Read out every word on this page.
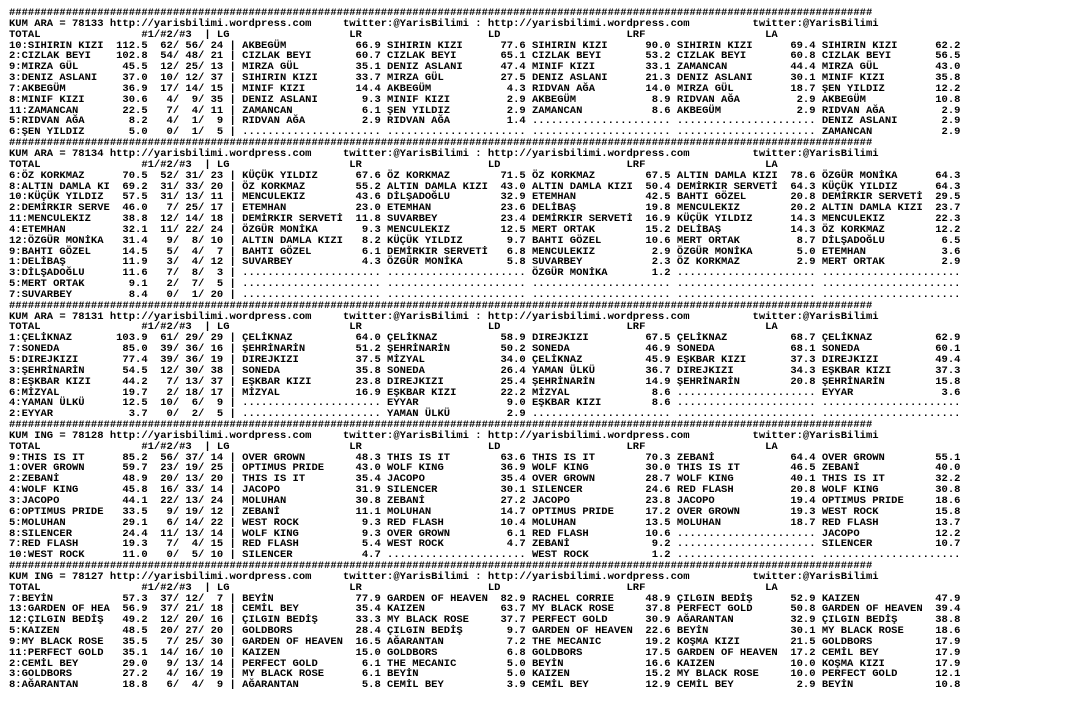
#########################################################################################################################################
KUM ARA = 78133 http://yarisbilimi.wordpress.com     twitter:@YarisBilimi : http://yarisbilimi.wordpress.com          twitter:@YarisBilimi
TOTAL                #1/#2/#3  | LG                   LR                    LD                    LRF                   LA
10:SIHIRIN KIZI  112.5  62/ 56/ 24 | AKBEGÜM           66.9 SIHIRIN KIZI      77.6 SIHIRIN KIZI      90.0 SIHIRIN KIZI      69.4 SIHIRIN KIZI      62.2
2:CIZLAK BEYI    102.8  54/ 48/ 21 | CIZLAK BEYI       60.7 CIZLAK BEYI       65.1 CIZLAK BEYI       53.2 CIZLAK BEYI       60.8 CIZLAK BEYI       56.5
9:MIRZA GÜL       45.5  12/ 25/ 13 | MIRZA GÜL         35.1 DENIZ ASLANI      47.4 MINIF KIZI        33.1 ZAMANCAN          44.4 MIRZA GÜL         43.0
3:DENIZ ASLANI    37.0  10/ 12/ 37 | SIHIRIN KIZI      33.7 MIRZA GÜL         27.5 DENIZ ASLANI      21.3 DENIZ ASLANI      30.1 MINIF KIZI        35.8
7:AKBEGÜM         36.9  17/ 14/ 15 | MINIF KIZI        14.4 AKBEGÜM            4.3 RIDVAN AĞA        14.0 MIRZA GÜL         18.7 ŞEN YILDIZ        12.2
8:MINIF KIZI      30.6   4/  9/ 35 | DENIZ ASLANI       9.3 MINIF KIZI         2.9 AKBEGÜM            8.9 RIDVAN AĞA         2.9 AKBEGÜM           10.8
11:ZAMANCAN       22.5   7/  4/ 11 | ZAMANCAN           6.1 ŞEN YILDIZ         2.9 ZAMANCAN           8.6 AKBEGÜM            2.9 RIDVAN AĞA         2.9
5:RIDVAN AĞA       8.2   4/  1/  9 | RIDVAN AĞA         2.9 RIDVAN AĞA         1.4 ...................... ...................... DENIZ ASLANI       2.9
6:ŞEN YILDIZ       5.0   0/  1/  5 | ...................... ...................... ...................... ...................... ZAMANCAN           2.9
#########################################################################################################################################
KUM ARA = 78134 http://yarisbilimi.wordpress.com     twitter:@YarisBilimi : http://yarisbilimi.wordpress.com          twitter:@YarisBilimi
TOTAL                #1/#2/#3  | LG                   LR                    LD                    LRF                   LA
6:ÖZ KORKMAZ      70.5  52/ 31/ 23 | KÜÇÜK YILDIZ      67.6 ÖZ KORKMAZ        71.5 ÖZ KORKMAZ        67.5 ALTIN DAMLA KIZI  78.6 ÖZGÜR MONİKA      64.3
8:ALTIN DAMLA KI  69.2  31/ 33/ 20 | ÖZ KORKMAZ        55.2 ALTIN DAMLA KIZI  43.0 ALTIN DAMLA KIZI  50.4 DEMİRKIR SERVETİ  64.3 KÜÇÜK YILDIZ      64.3
10:KÜÇÜK YILDIZ   57.5  31/ 13/ 11 | MENCULEKIZ        43.6 DİLŞADOĞLU        32.9 ETEMHAN           42.5 BAHTI GÖZEL       20.8 DEMİRKIR SERVETİ  29.5
2:DEMİRKIR SERVE  46.0   7/ 25/ 17 | ETEMHAN           23.0 ETEMHAN           23.6 DELİBAŞ           19.8 MENCULEKIZ        20.2 ALTIN DAMLA KIZI  23.7
11:MENCULEKIZ     38.8  12/ 14/ 18 | DEMİRKIR SERVETİ  11.8 SUVARBEY          23.4 DEMİRKIR SERVETİ  16.9 KÜÇÜK YILDIZ      14.3 MENCULEKIZ        22.3
4:ETEMHAN         32.1  11/ 22/ 24 | ÖZGÜR MONİKA       9.3 MENCULEKIZ        12.5 MERT ORTAK        15.2 DELİBAŞ           14.3 ÖZ KORKMAZ        12.2
12:ÖZGÜR MONİKA   31.4   9/  8/ 10 | ALTIN DAMLA KIZI   8.2 KÜÇÜK YILDIZ       9.7 BAHTI GÖZEL       10.6 MERT ORTAK         8.7 DİLŞADOĞLU         6.5
9:BAHTI GÖZEL     14.5   5/  4/  7 | BAHTI GÖZEL        6.1 DEMİRKIR SERVETİ   6.8 MENCULEKIZ         2.9 ÖZGÜR MONİKA       5.0 ETEMHAN            3.6
1:DELİBAŞ         11.9   3/  4/ 12 | SUVARBEY           4.3 ÖZGÜR MONİKA       5.8 SUVARBEY           2.3 ÖZ KORKMAZ         2.9 MERT ORTAK         2.9
3:DİLŞADOĞLU      11.6   7/  8/  3 | ...................... ...................... ÖZGÜR MONİKA       1.2 ...................... ......................
5:MERT ORTAK       9.1   2/  7/  5 | ...................... ...................... ...................... ...................... ......................
7:SUVARBEY         8.4   0/  1/ 20 | ...................... ...................... ...................... ...................... ......................
#########################################################################################################################################
KUM ARA = 78131 http://yarisbilimi.wordpress.com     twitter:@YarisBilimi : http://yarisbilimi.wordpress.com          twitter:@YarisBilimi
TOTAL                #1/#2/#3  | LG                   LR                    LD                    LRF                   LA
1:ÇELİKNAZ       103.9  61/ 29/ 29 | ÇELİKNAZ          64.0 ÇELİKNAZ          58.9 DIREJKIZI         67.5 ÇELİKNAZ          68.7 ÇELİKNAZ          62.9
7:SONEDA          85.0  39/ 36/ 16 | ŞEHRİNARİN        51.2 ŞEHRİNARİN        50.2 SONEDA            46.9 SONEDA            68.1 SONEDA            60.1
5:DIREJKIZI       77.4  39/ 36/ 19 | DIREJKIZI         37.5 MİZYAL            34.0 ÇELİKNAZ          45.9 EŞKBAR KIZI       37.3 DIREJKIZI         49.4
3:ŞEHRİNARİN      54.5  12/ 30/ 38 | SONEDA            35.8 SONEDA            26.4 YAMAN ÜLKÜ        36.7 DIREJKIZI         34.3 EŞKBAR KIZI       37.3
8:EŞKBAR KIZI     44.2   7/ 13/ 37 | EŞKBAR KIZI       23.8 DIREJKIZI         25.4 ŞEHRİNARİN        14.9 ŞEHRİNARİN        20.8 ŞEHRİNARİN        15.8
6:MİZYAL          19.7   2/ 18/ 17 | MİZYAL            16.9 EŞKBAR KIZI       22.2 MİZYAL             8.6 ...................... EYYAR              3.6
4:YAMAN ÜLKÜ      12.5  10/  6/  9 | ...................... EYYAR              9.0 EŞKBAR KIZI        8.6 ...................... ......................
2:EYYAR            3.7   0/  2/  5 | ...................... YAMAN ÜLKÜ         2.9 ...................... ...................... ......................
#########################################################################################################################################
KUM ING = 78128 http://yarisbilimi.wordpress.com     twitter:@YarisBilimi : http://yarisbilimi.wordpress.com          twitter:@YarisBilimi
TOTAL                #1/#2/#3  | LG                   LR                    LD                    LRF                   LA
9:THIS IS IT      85.2  56/ 37/ 14 | OVER GROWN        48.3 THIS IS IT        63.6 THIS IS IT        70.3 ZEBANİ            64.4 OVER GROWN        55.1
1:OVER GROWN      59.7  23/ 19/ 25 | OPTIMUS PRIDE     43.0 WOLF KING         36.9 WOLF KING         30.0 THIS IS IT        46.5 ZEBANİ            40.0
2:ZEBANİ          48.9  20/ 13/ 20 | THIS IS IT        35.4 JACOPO            35.4 OVER GROWN        28.7 WOLF KING         40.1 THIS IS IT        32.2
4:WOLF KING       45.8  16/ 33/ 14 | JACOPO            31.9 SILENCER          30.1 SILENCER          24.6 RED FLASH         20.8 WOLF KING         30.8
3:JACOPO          44.1  22/ 13/ 24 | MOLUHAN           30.8 ZEBANİ            27.2 JACOPO            23.8 JACOPO            19.4 OPTIMUS PRIDE     18.6
6:OPTIMUS PRIDE   33.5   9/ 19/ 12 | ZEBANİ            11.1 MOLUHAN           14.7 OPTIMUS PRIDE     17.2 OVER GROWN        19.3 WEST ROCK         15.8
5:MOLUHAN         29.1   6/ 14/ 22 | WEST ROCK          9.3 RED FLASH         10.4 MOLUHAN           13.5 MOLUHAN           18.7 RED FLASH         13.7
8:SILENCER        24.4  11/ 13/ 14 | WOLF KING          9.3 OVER GROWN         6.1 RED FLASH         10.6 ...................... JACOPO            12.2
7:RED FLASH       19.3   7/  4/ 15 | RED FLASH          5.4 WEST ROCK          4.7 ZEBANİ             9.2 ...................... SILENCER          10.7
10:WEST ROCK      11.0   0/  5/ 10 | SILENCER           4.7 ...................... WEST ROCK          1.2 ...................... ......................
#########################################################################################################################################
KUM ING = 78127 http://yarisbilimi.wordpress.com     twitter:@YarisBilimi : http://yarisbilimi.wordpress.com          twitter:@YarisBilimi
TOTAL                #1/#2/#3  | LG                   LR                    LD                    LRF                   LA
7:BEYİN           57.3  37/ 12/  7 | BEYİN             77.9 GARDEN OF HEAVEN  82.9 RACHEL CORRIE     48.9 ÇILGIN BEDİŞ      52.9 KAIZEN            47.9
13:GARDEN OF HEA  56.9  37/ 21/ 18 | CEMİL BEY         35.4 KAIZEN            63.7 MY BLACK ROSE     37.8 PERFECT GOLD      50.8 GARDEN OF HEAVEN  39.4
12:ÇILGIN BEDİŞ   49.2  12/ 20/ 16 | ÇILGIN BEDİŞ      33.3 MY BLACK ROSE     37.7 PERFECT GOLD      30.9 AĞARANTAN         32.9 ÇILGIN BEDİŞ      38.8
5:KAIZEN          48.5  20/ 27/ 20 | GOLDBORS          28.4 ÇILGIN BEDİŞ       9.7 GARDEN OF HEAVEN  22.6 BEYİN             30.1 MY BLACK ROSE     18.6
9:MY BLACK ROSE   35.5   7/ 25/ 30 | GARDEN OF HEAVEN  16.5 AĞARANTAN          7.2 THE MECANIC       19.2 KOŞMA KIZI        21.5 GOLDBORS          17.9
11:PERFECT GOLD   35.1  14/ 16/ 10 | KAIZEN            15.0 GOLDBORS           6.8 GOLDBORS          17.5 GARDEN OF HEAVEN  17.2 CEMİL BEY         17.9
2:CEMİL BEY       29.0   9/ 13/ 14 | PERFECT GOLD       6.1 THE MECANIC        5.0 BEYİN             16.6 KAIZEN            10.0 KOŞMA KIZI        17.9
3:GOLDBORS        27.2   4/ 16/ 19 | MY BLACK ROSE      6.1 BEYİN              5.0 KAIZEN            15.2 MY BLACK ROSE     10.0 PERFECT GOLD      12.1
8:AĞARANTAN       18.8   6/  4/  9 | AĞARANTAN          5.8 CEMİL BEY          3.9 CEMİL BEY         12.9 CEMİL BEY          2.9 BEYİN             10.8
